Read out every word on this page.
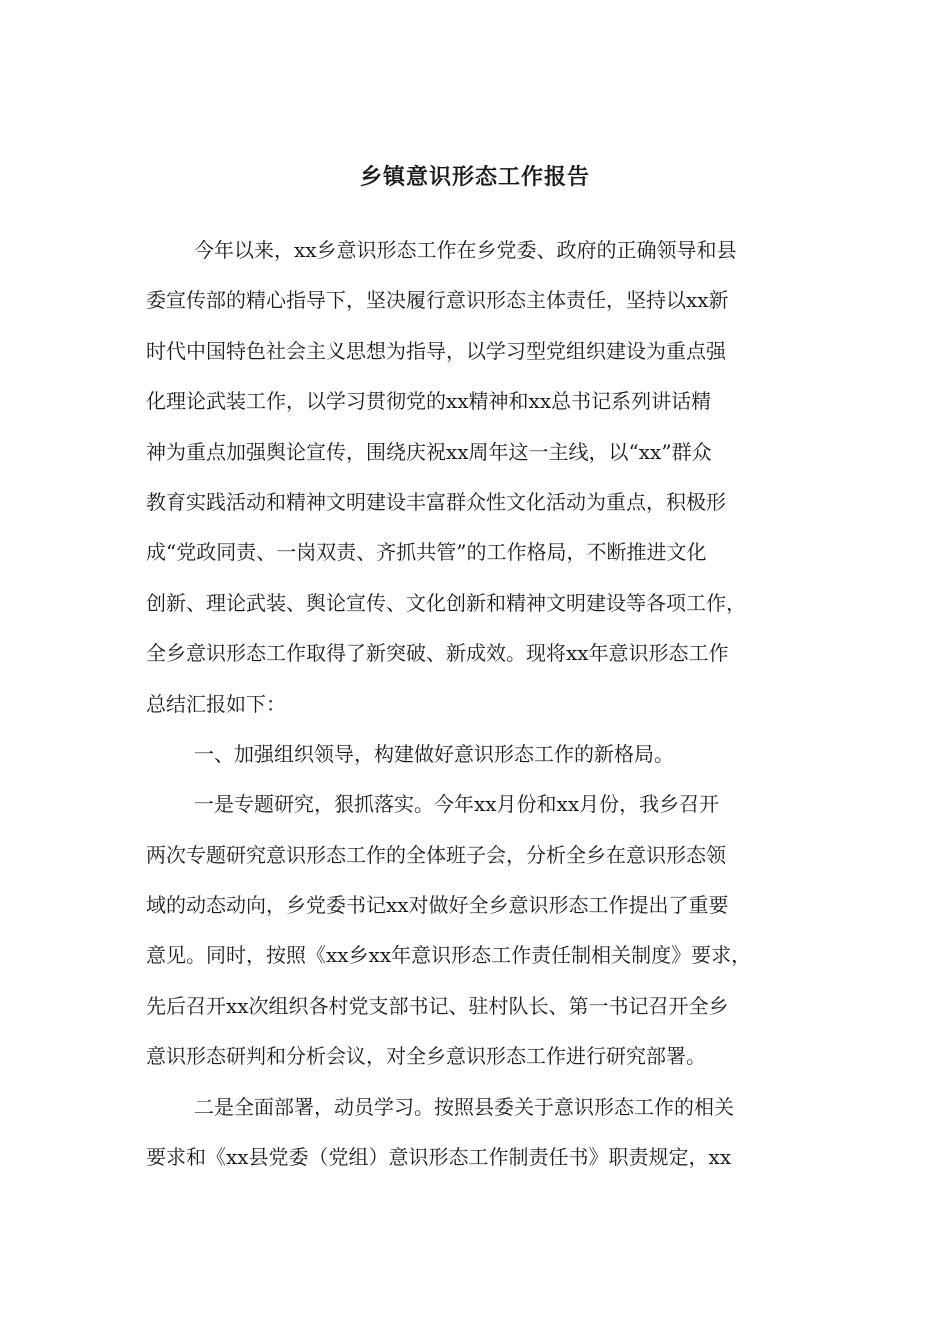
乡镇意识形态工作报告
今年以来，xx乡意识形态工作在乡党委、政府的正确领导和县
委宣传部的精心指导下，坚决履行意识形态主体责任，坚持以xx新
时代中国特色社会主义思想为指导，以学习型党组织建设为重点强
化理论武装工作，以学习贯彻党的xx精神和xx总书记系列讲话精
神为重点加强舆论宣传，围绕庆祝xx周年这一主线，以“xx”群众
教育实践活动和精神文明建设丰富群众性文化活动为重点，积极形
成“党政同责、一岗双责、齐抓共管”的工作格局，不断推进文化
创新、理论武装、舆论宣传、文化创新和精神文明建设等各项工作，
全乡意识形态工作取得了新突破、新成效。现将xx年意识形态工作
总结汇报如下：
一、加强组织领导，构建做好意识形态工作的新格局。
一是专题研究，狠抓落实。今年xx月份和xx月份，我乡召开
两次专题研究意识形态工作的全体班子会，分析全乡在意识形态领
域的动态动向，乡党委书记xx对做好全乡意识形态工作提出了重要
意见。同时，按照《xx乡xx年意识形态工作责任制相关制度》要求，
先后召开xx次组织各村党支部书记、驻村队长、第一书记召开全乡
意识形态研判和分析会议，对全乡意识形态工作进行研究部署。
二是全面部署，动员学习。按照县委关于意识形态工作的相关
要求和《xx县党委（党组）意识形态工作制责任书》职责规定，xx
